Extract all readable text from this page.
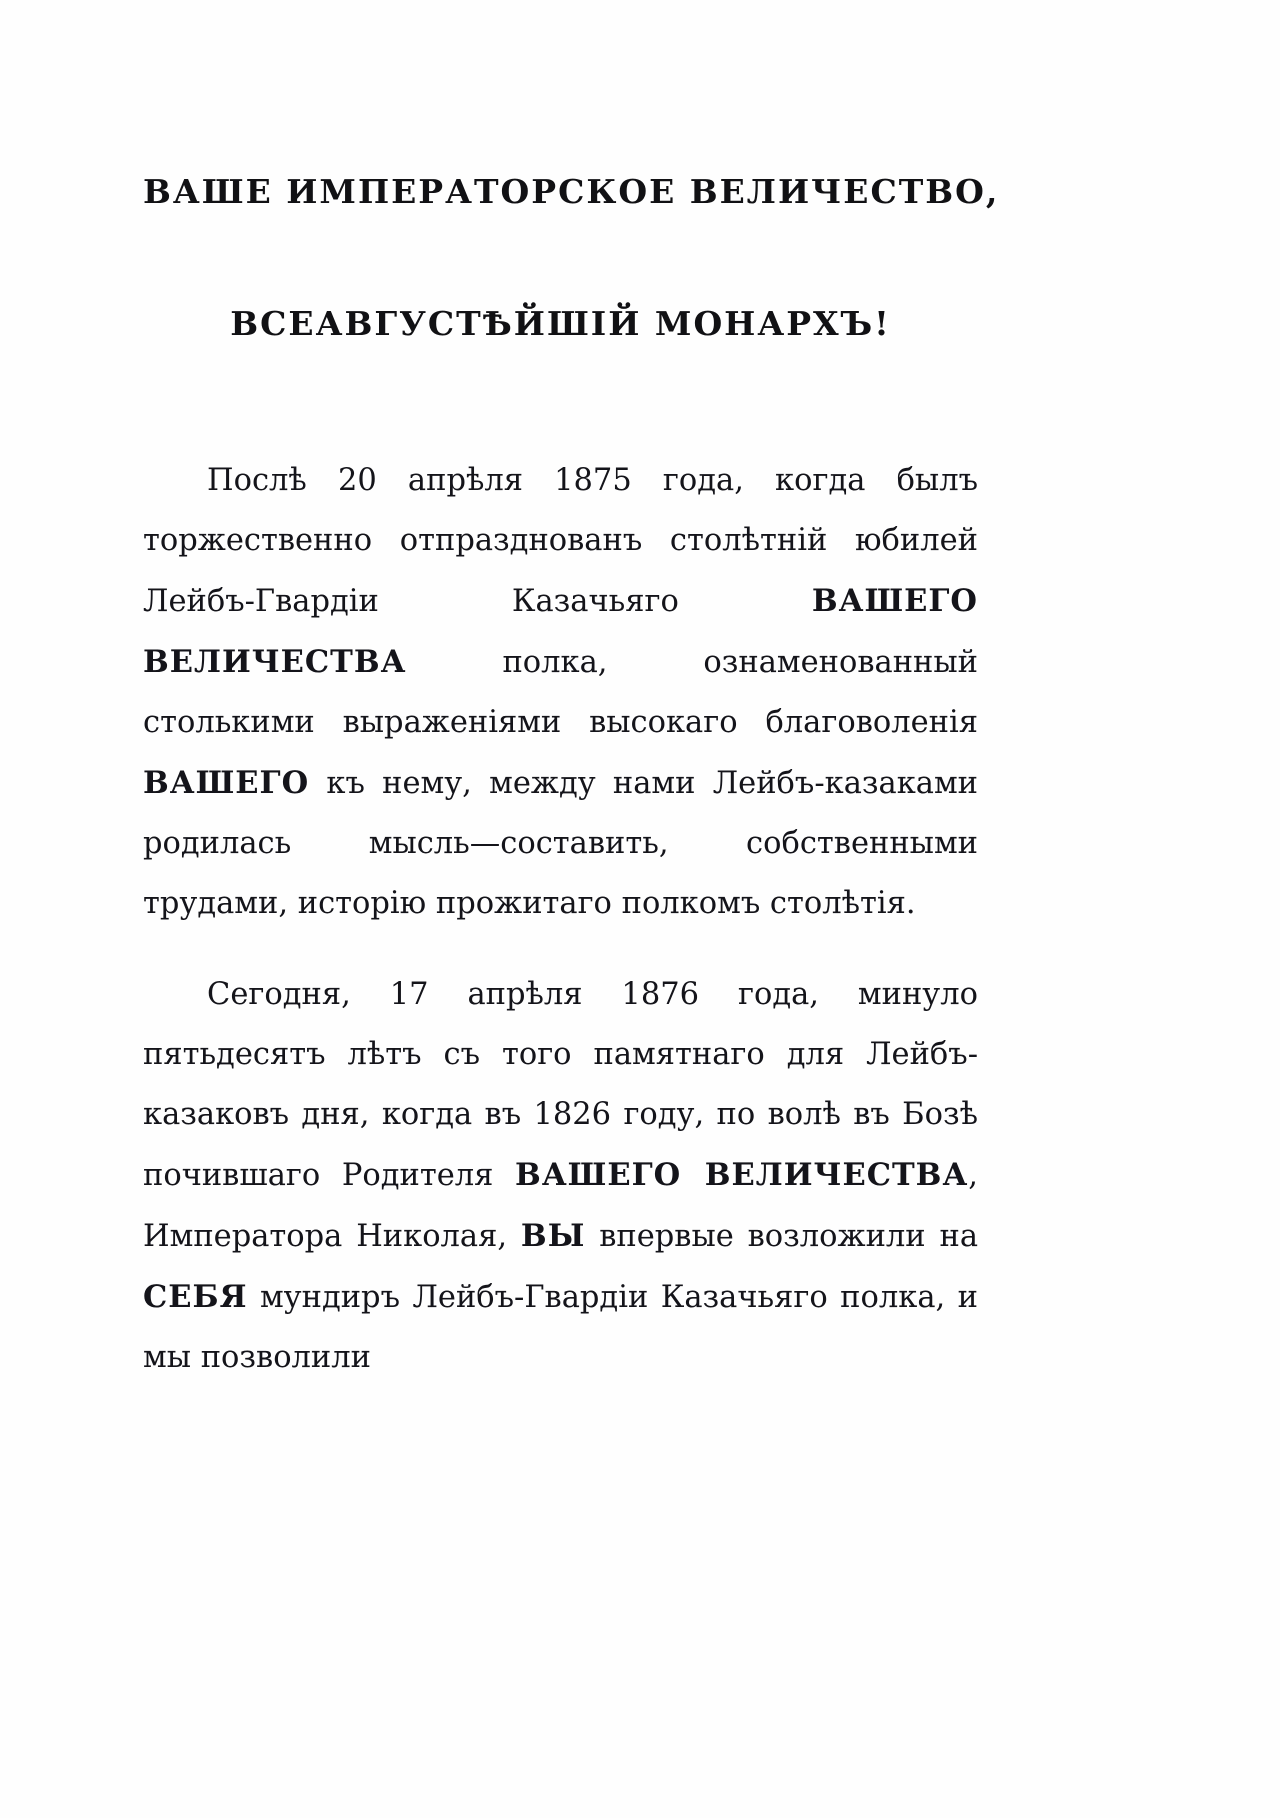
ВАШЕ ИМПЕРАТОРСКОЕ ВЕЛИЧЕСТВО,
ВСЕАВГУСТѢЙШIЙ МОНАРХЪ!

Послѣ 20 апрѣля 1875 года, когда былъ торжественно отпразднованъ столѣтнiй юбилей Лейбъ-Гвардiи Казачьяго ВАШЕГО ВЕЛИЧЕСТВА полка, ознаменованный столькими выраженiями высокаго благоволенiя ВАШЕГО къ нему, между нами Лейбъ-казаками родилась мысль—составить, собственными трудами, исторiю прожитаго полкомъ столѣтiя.

Сегодня, 17 апрѣля 1876 года, минуло пятьдесятъ лѣтъ съ того памятнаго для Лейбъ-казаковъ дня, когда въ 1826 году, по волѣ въ Бозѣ почившаго Родителя ВАШЕГО ВЕЛИЧЕСТВА, Императора Николая, ВЫ впервые возложили на СЕБЯ мундиръ Лейбъ-Гвардiи Казачьяго полка, и мы позволили
